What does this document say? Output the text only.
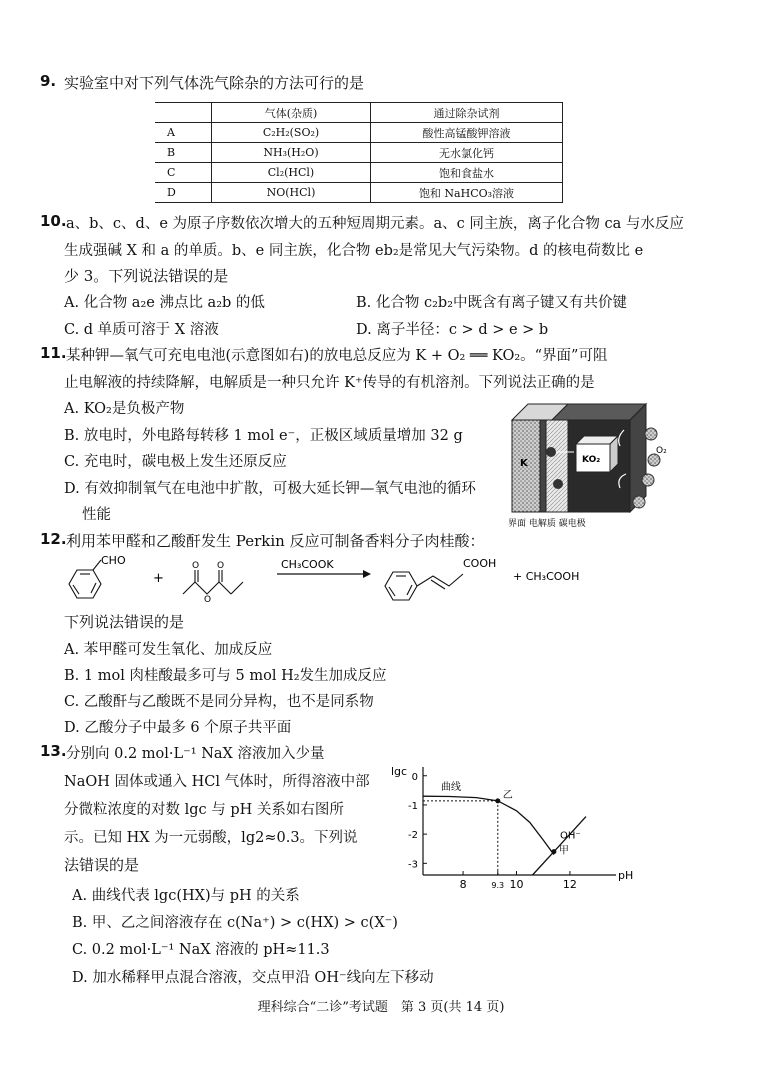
9. 实验室中对下列气体洗气除杂的方法可行的是
	气体(杂质)	通过除杂试剂
A	C₂H₂(SO₂)	酸性高锰酸钾溶液
B	NH₃(H₂O)	无水氯化钙
C	Cl₂(HCl)	饱和食盐水
D	NO(HCl)	饱和 NaHCO₃溶液
10. a、b、c、d、e 为原子序数依次增大的五种短周期元素。a、c 同主族，离子化合物 ca 与水反应
生成强碱 X 和 a 的单质。b、e 同主族，化合物 eb₂是常见大气污染物。d 的核电荷数比 e
少 3。下列说法错误的是
A. 化合物 a₂e 沸点比 a₂b 的低	B. 化合物 c₂b₂中既含有离子键又有共价键
C. d 单质可溶于 X 溶液	D. 离子半径：c > d > e > b
11. 某种钾—氧气可充电电池(示意图如右)的放电总反应为 K + O₂ ══ KO₂。“界面”可阻
止电解液的持续降解，电解质是一种只允许 K⁺传导的有机溶剂。下列说法正确的是
A. KO₂是负极产物
B. 放电时，外电路每转移 1 mol e⁻，正极区域质量增加 32 g
C. 充电时，碳电极上发生还原反应
D. 有效抑制氧气在电池中扩散，可极大延长钾—氧气电池的循环
性能
K	KO₂
O₂
界面 电解质 碳电极
12. 利用苯甲醛和乙酸酐发生 Perkin 反应可制备香料分子肉桂酸：
CHO
+
O
O
O	CH₃COOK	COOH
+ CH₃COOH
下列说法错误的是
A. 苯甲醛可发生氧化、加成反应
B. 1 mol 肉桂酸最多可与 5 mol H₂发生加成反应
C. 乙酸酐与乙酸既不是同分异构，也不是同系物
D. 乙酸分子中最多 6 个原子共平面
13. 分别向 0.2 mol·L⁻¹ NaX 溶液加入少量
NaOH 固体或通入 HCl 气体时，所得溶液中部
分微粒浓度的对数 lgc 与 pH 关系如右图所
示。已知 HX 为一元弱酸，lg2≈0.3。下列说
法错误的是
A. 曲线代表 lgc(HX)与 pH 的关系
B. 甲、乙之间溶液存在 c(Na⁺) > c(HX) > c(X⁻)
C. 0.2 mol·L⁻¹ NaX 溶液的 pH≈11.3
D. 加水稀释甲点混合溶液，交点甲沿 OH⁻线向左下移动
0
-1
-2
-3
8	9.3 10	12
lgc
pH
曲线
OH⁻
乙
甲
理科综合“二诊”考试题　第 3 页(共 14 页)
